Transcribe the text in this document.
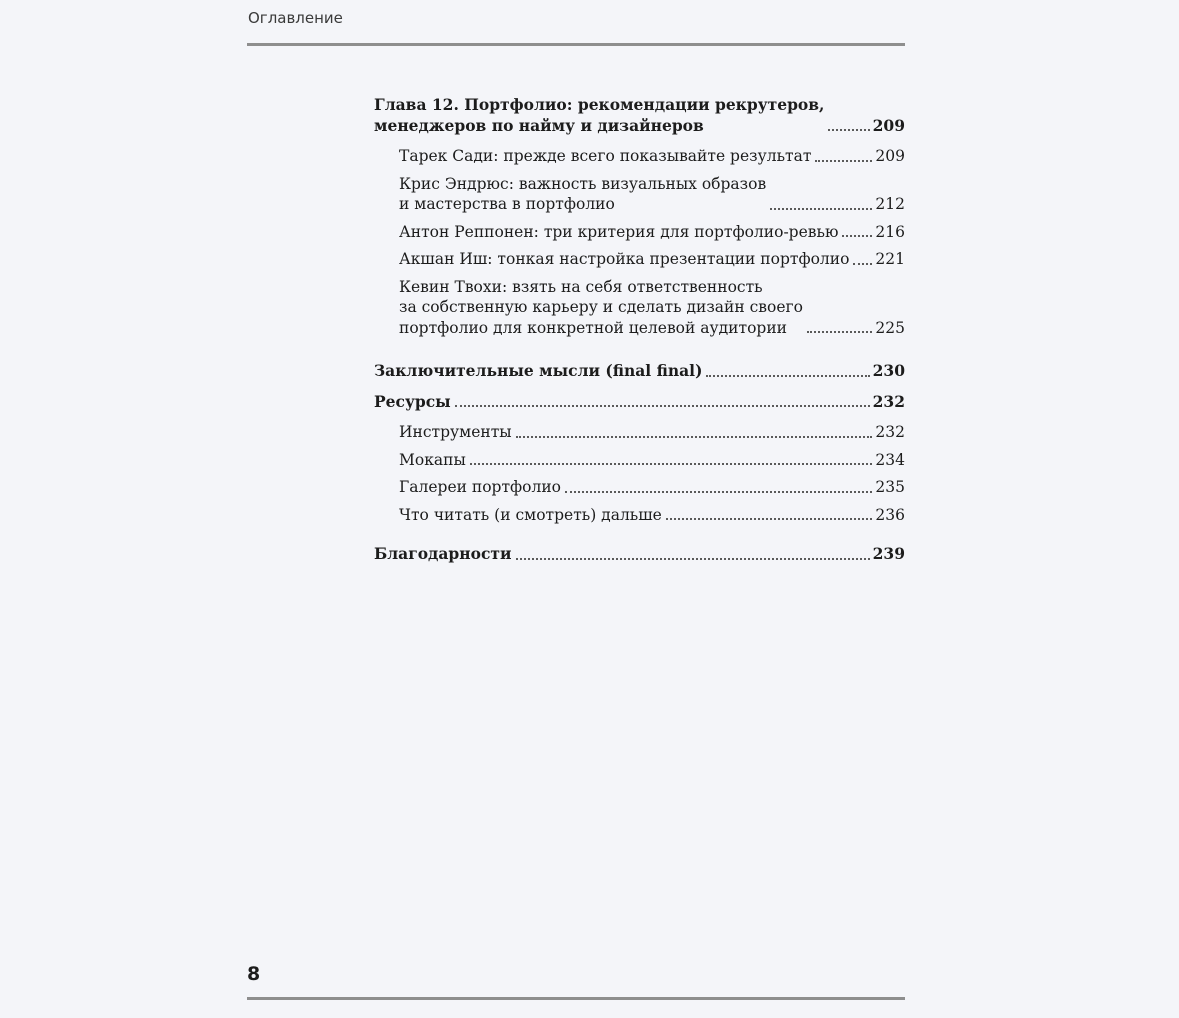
Оглавление
Глава 12. Портфолио: рекомендации рекрутеров,
менеджеров по найму и дизайнеров	209
Тарек Сади: прежде всего показывайте результат	209
Крис Эндрюс: важность визуальных образов
и мастерства в портфолио	212
Антон Реппонен: три критерия для портфолио-ревью 216
Акшан Иш: тонкая настройка презентации портфолио 221
Кевин Твохи: взять на себя ответственность
за собственную карьеру и сделать дизайн своего
портфолио для конкретной целевой аудитории	225
Заключительные мысли (final final)	230
Ресурсы	232
Инструменты	232
Мокапы	234
Галереи портфолио	235
Что читать (и смотреть) дальше	236
Благодарности	239
8
